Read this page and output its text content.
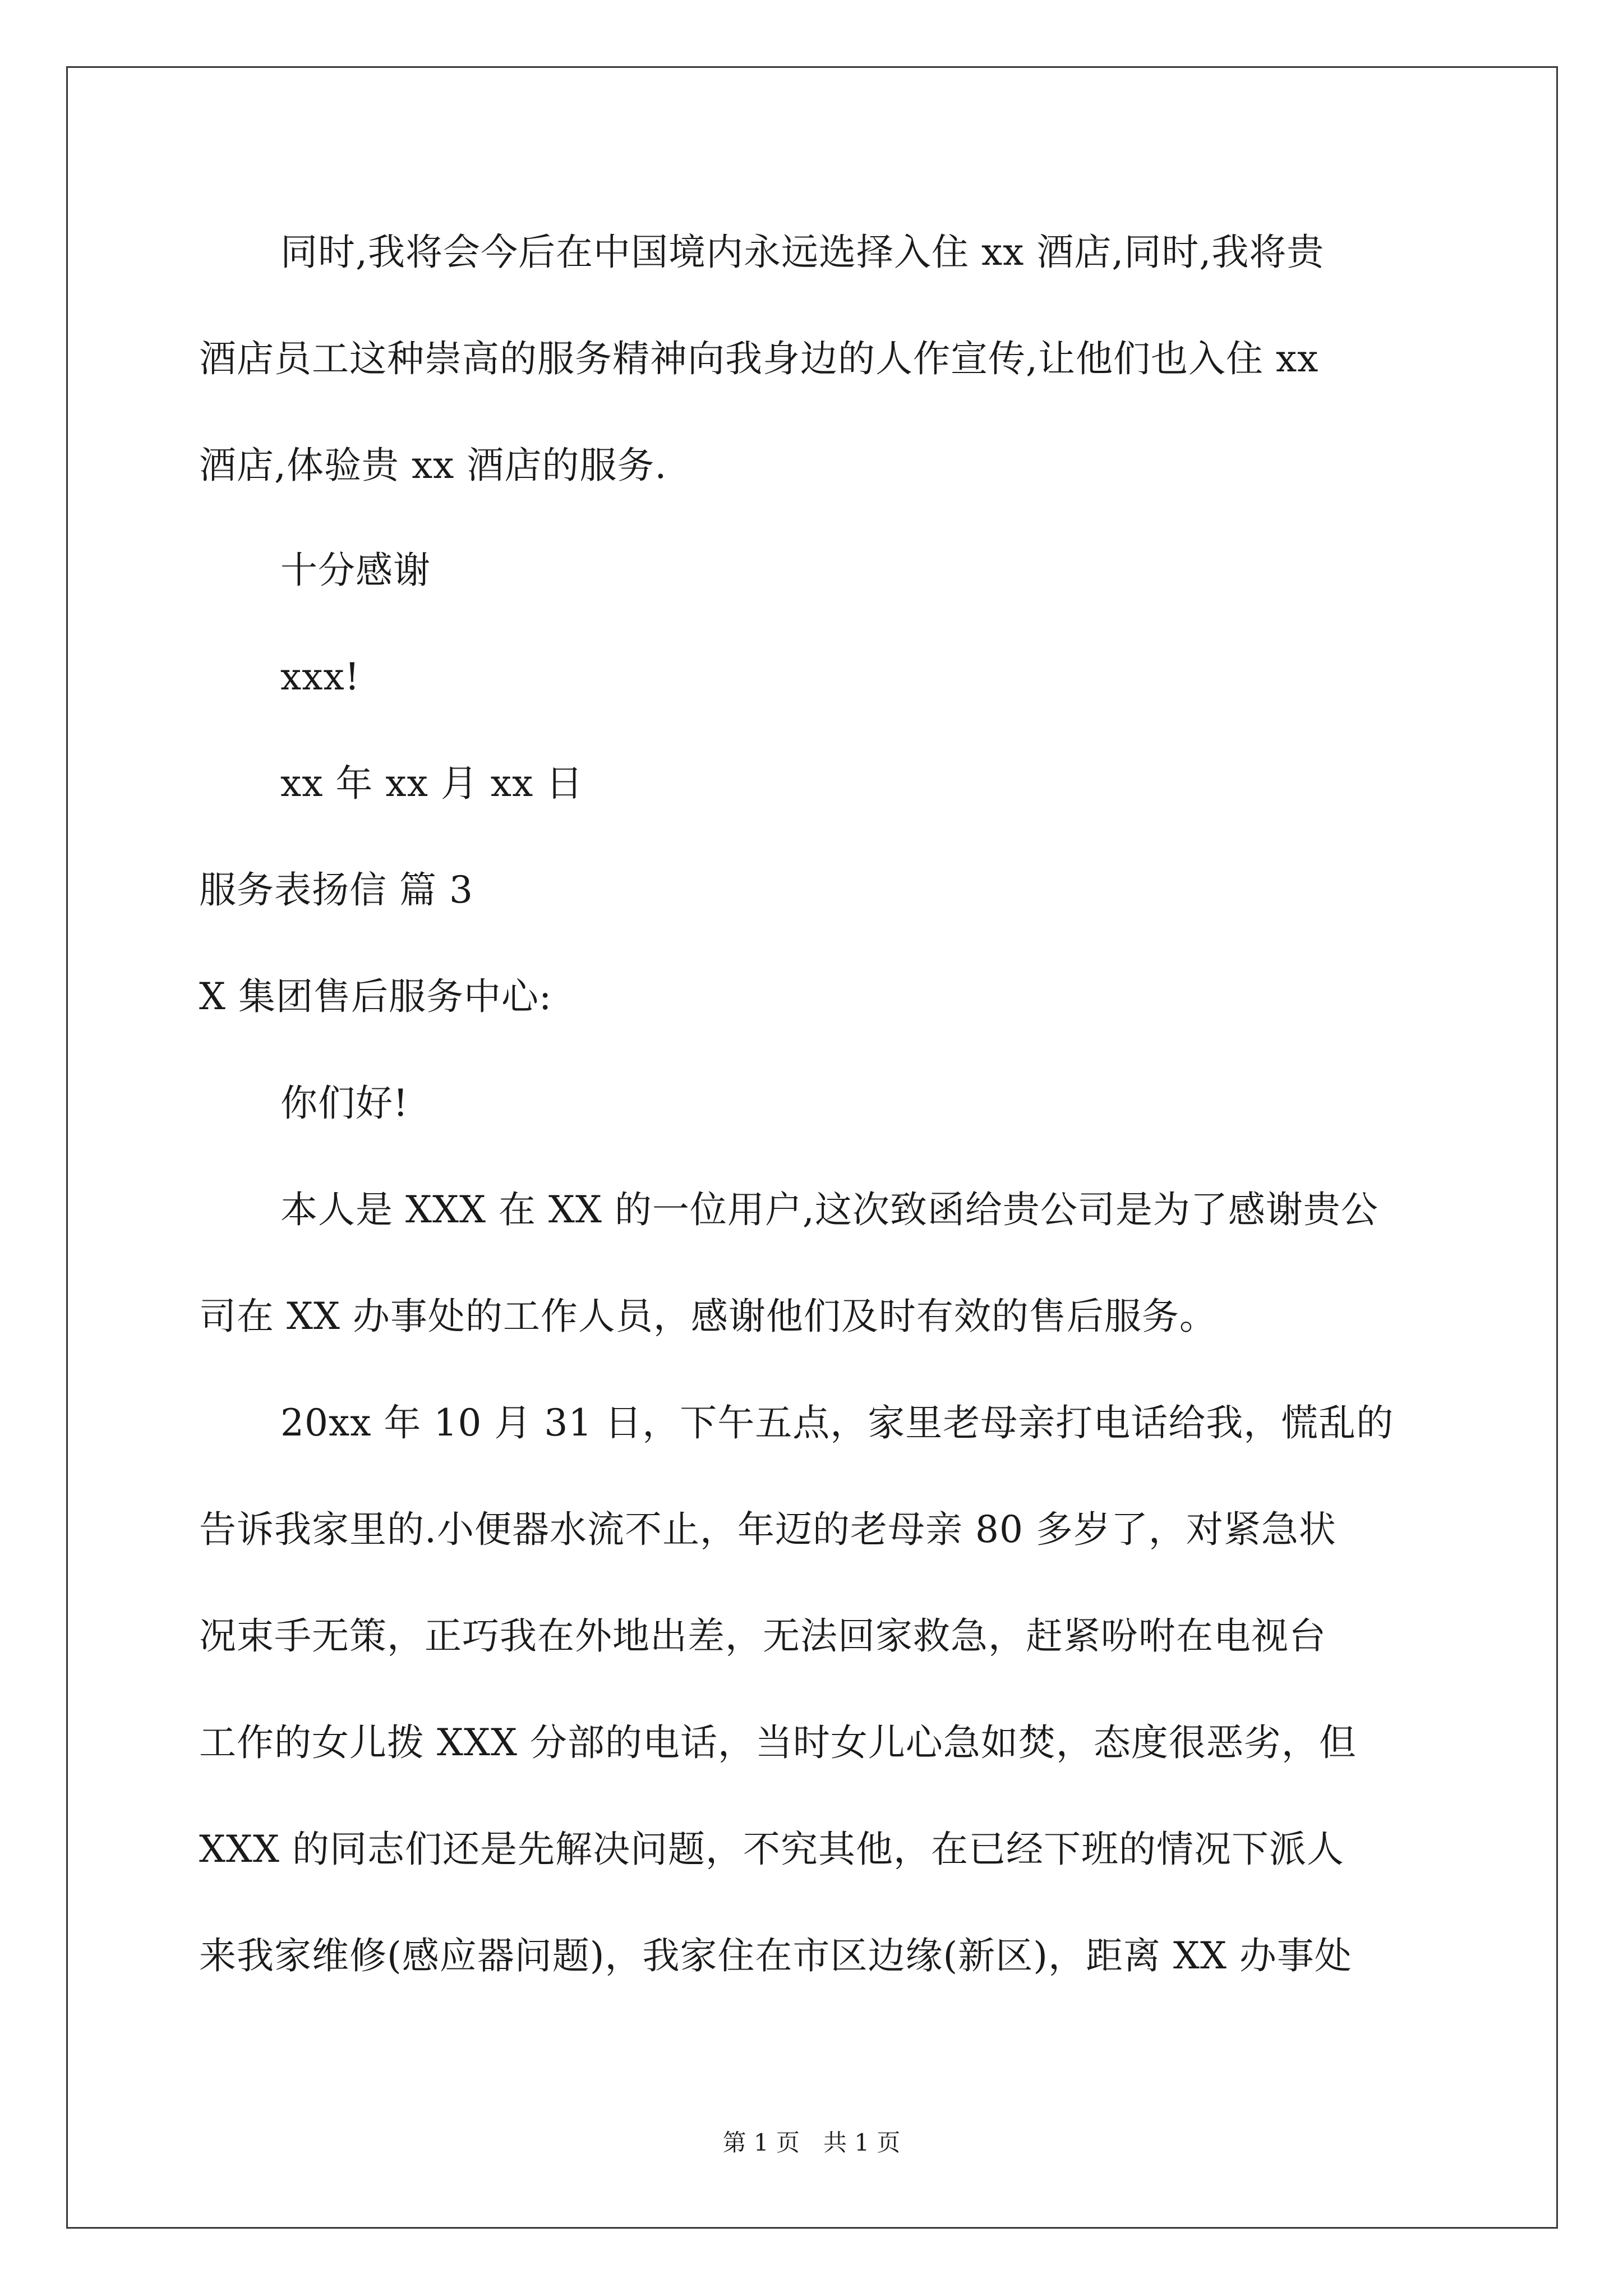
同时,我将会今后在中国境内永远选择入住 xx 酒店,同时,我将贵
酒店员工这种崇高的服务精神向我身边的人作宣传,让他们也入住 xx
酒店,体验贵 xx 酒店的服务.
十分感谢
xxx!
xx 年 xx 月 xx 日
服务表扬信 篇 3
X 集团售后服务中心:
你们好!
本人是 XXX 在 XX 的一位用户,这次致函给贵公司是为了感谢贵公
司在 XX 办事处的工作人员，感谢他们及时有效的售后服务。
20xx 年 10 月 31 日，下午五点，家里老母亲打电话给我，慌乱的
告诉我家里的.小便器水流不止，年迈的老母亲 80 多岁了，对紧急状
况束手无策，正巧我在外地出差，无法回家救急，赶紧吩咐在电视台
工作的女儿拨 XXX 分部的电话，当时女儿心急如焚，态度很恶劣，但
XXX 的同志们还是先解决问题，不究其他，在已经下班的情况下派人
来我家维修(感应器问题)，我家住在市区边缘(新区)，距离 XX 办事处
第 1 页　共 1 页
